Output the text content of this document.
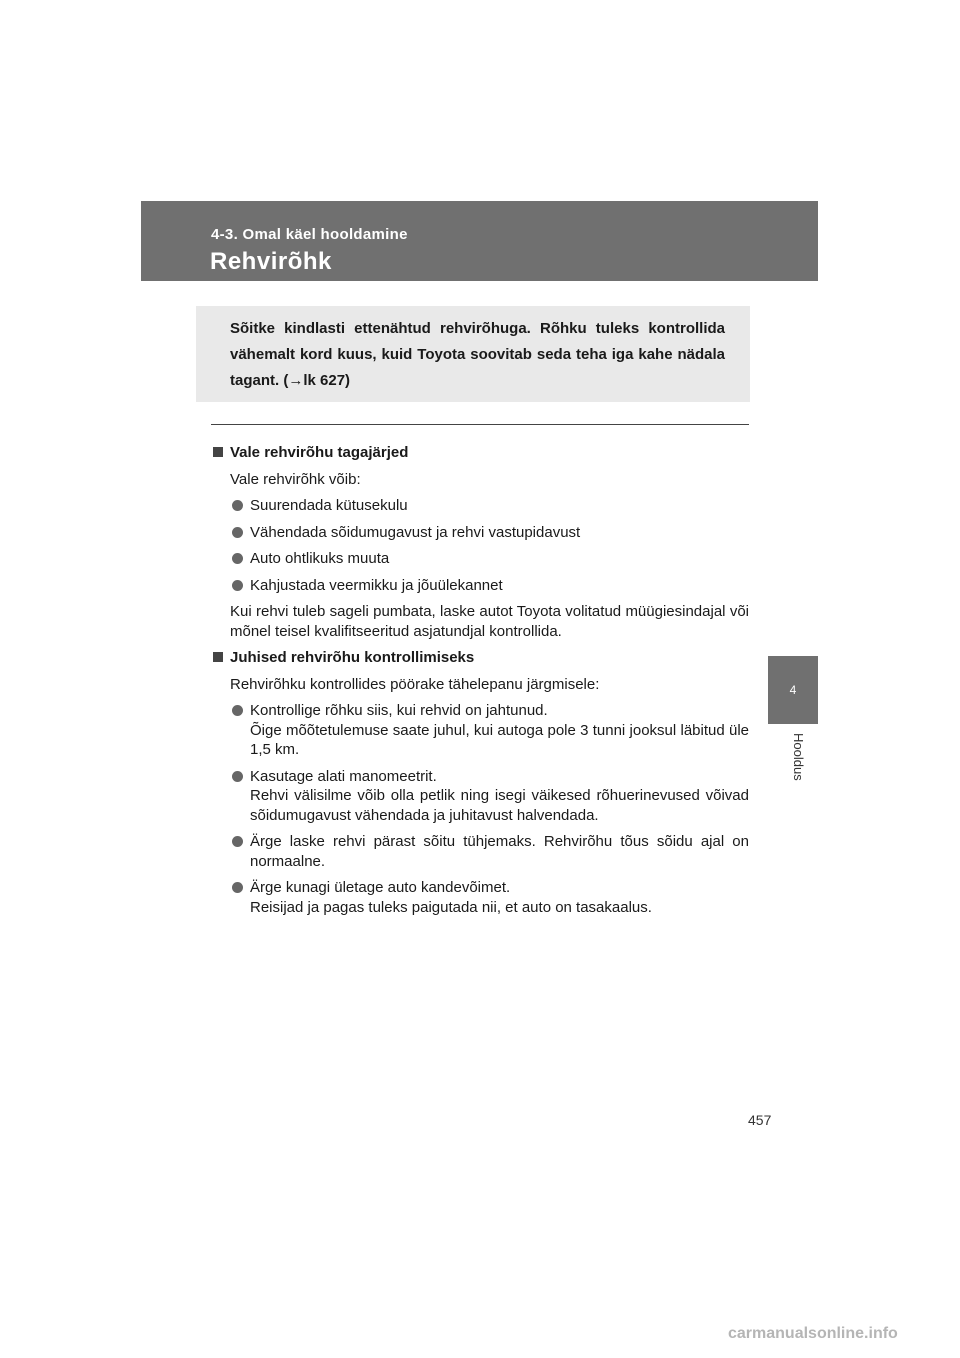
4-3. Omal käel hooldamine
Rehvirõhk
Sõitke kindlasti ettenähtud rehvirõhuga. Rõhku tuleks kontrollida vähemalt kord kuus, kuid Toyota soovitab seda teha iga kahe nädala tagant. (→lk 627)
Vale rehvirõhu tagajärjed
Vale rehvirõhk võib:
Suurendada kütusekulu
Vähendada sõidumugavust ja rehvi vastupidavust
Auto ohtlikuks muuta
Kahjustada veermikku ja jõuülekannet
Kui rehvi tuleb sageli pumbata, laske autot Toyota volitatud müügiesindajal või mõnel teisel kvalifitseeritud asjatundjal kontrollida.
Juhised rehvirõhu kontrollimiseks
Rehvirõhku kontrollides pöörake tähelepanu järgmisele:
Kontrollige rõhku siis, kui rehvid on jahtunud.
Õige mõõtetulemuse saate juhul, kui autoga pole 3 tunni jooksul läbitud üle 1,5 km.
Kasutage alati manomeetrit.
Rehvi välisilme võib olla petlik ning isegi väikesed rõhuerinevused võivad sõidumugavust vähendada ja juhitavust halvendada.
Ärge laske rehvi pärast sõitu tühjemaks. Rehvirõhu tõus sõidu ajal on normaalne.
Ärge kunagi ületage auto kandevõimet.
Reisijad ja pagas tuleks paigutada nii, et auto on tasakaalus.
4
Hooldus
457
carmanualsonline.info
